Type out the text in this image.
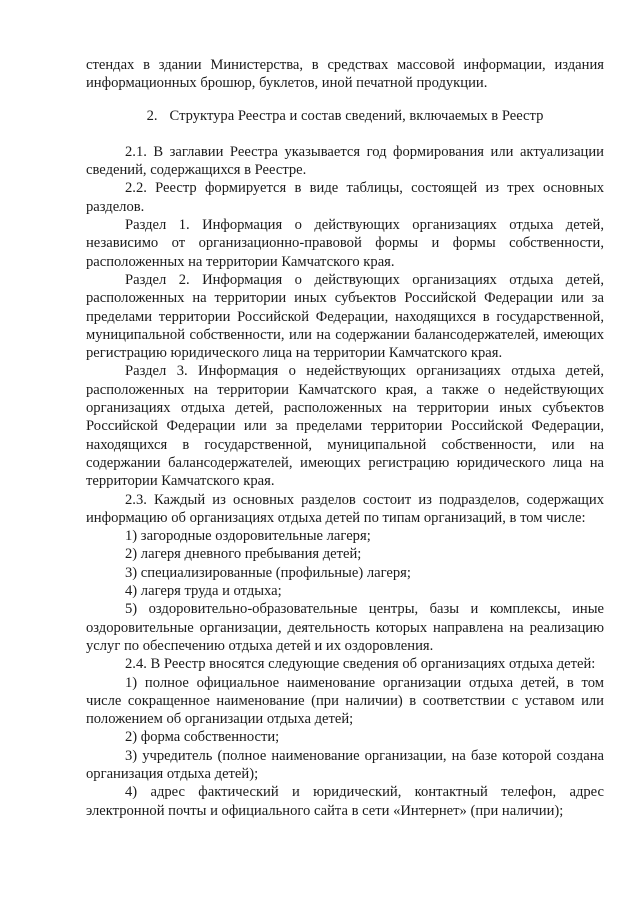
стендах в здании Министерства, в средствах массовой информации, издания информационных брошюр, буклетов, иной печатной продукции.

2. Структура Реестра и состав сведений, включаемых в Реестр

2.1. В заглавии Реестра указывается год формирования или актуализации сведений, содержащихся в Реестре.

2.2. Реестр формируется в виде таблицы, состоящей из трех основных разделов.

Раздел 1. Информация о действующих организациях отдыха детей, независимо от организационно-правовой формы и формы собственности, расположенных на территории Камчатского края.

Раздел 2. Информация о действующих организациях отдыха детей, расположенных на территории иных субъектов Российской Федерации или за пределами территории Российской Федерации, находящихся в государственной, муниципальной собственности, или на содержании балансодержателей, имеющих регистрацию юридического лица на территории Камчатского края.

Раздел 3. Информация о недействующих организациях отдыха детей, расположенных на территории Камчатского края, а также о недействующих организациях отдыха детей, расположенных на территории иных субъектов Российской Федерации или за пределами территории Российской Федерации, находящихся в государственной, муниципальной собственности, или на содержании балансодержателей, имеющих регистрацию юридического лица на территории Камчатского края.

2.3. Каждый из основных разделов состоит из подразделов, содержащих информацию об организациях отдыха детей по типам организаций, в том числе:

1) загородные оздоровительные лагеря;

2) лагеря дневного пребывания детей;

3) специализированные (профильные) лагеря;

4) лагеря труда и отдыха;

5) оздоровительно-образовательные центры, базы и комплексы, иные оздоровительные организации, деятельность которых направлена на реализацию услуг по обеспечению отдыха детей и их оздоровления.

2.4. В Реестр вносятся следующие сведения об организациях отдыха детей:

1) полное официальное наименование организации отдыха детей, в том числе сокращенное наименование (при наличии) в соответствии с уставом или положением об организации отдыха детей;

2) форма собственности;

3) учредитель (полное наименование организации, на базе которой создана организация отдыха детей);

4) адрес фактический и юридический, контактный телефон, адрес электронной почты и официального сайта в сети «Интернет» (при наличии);
